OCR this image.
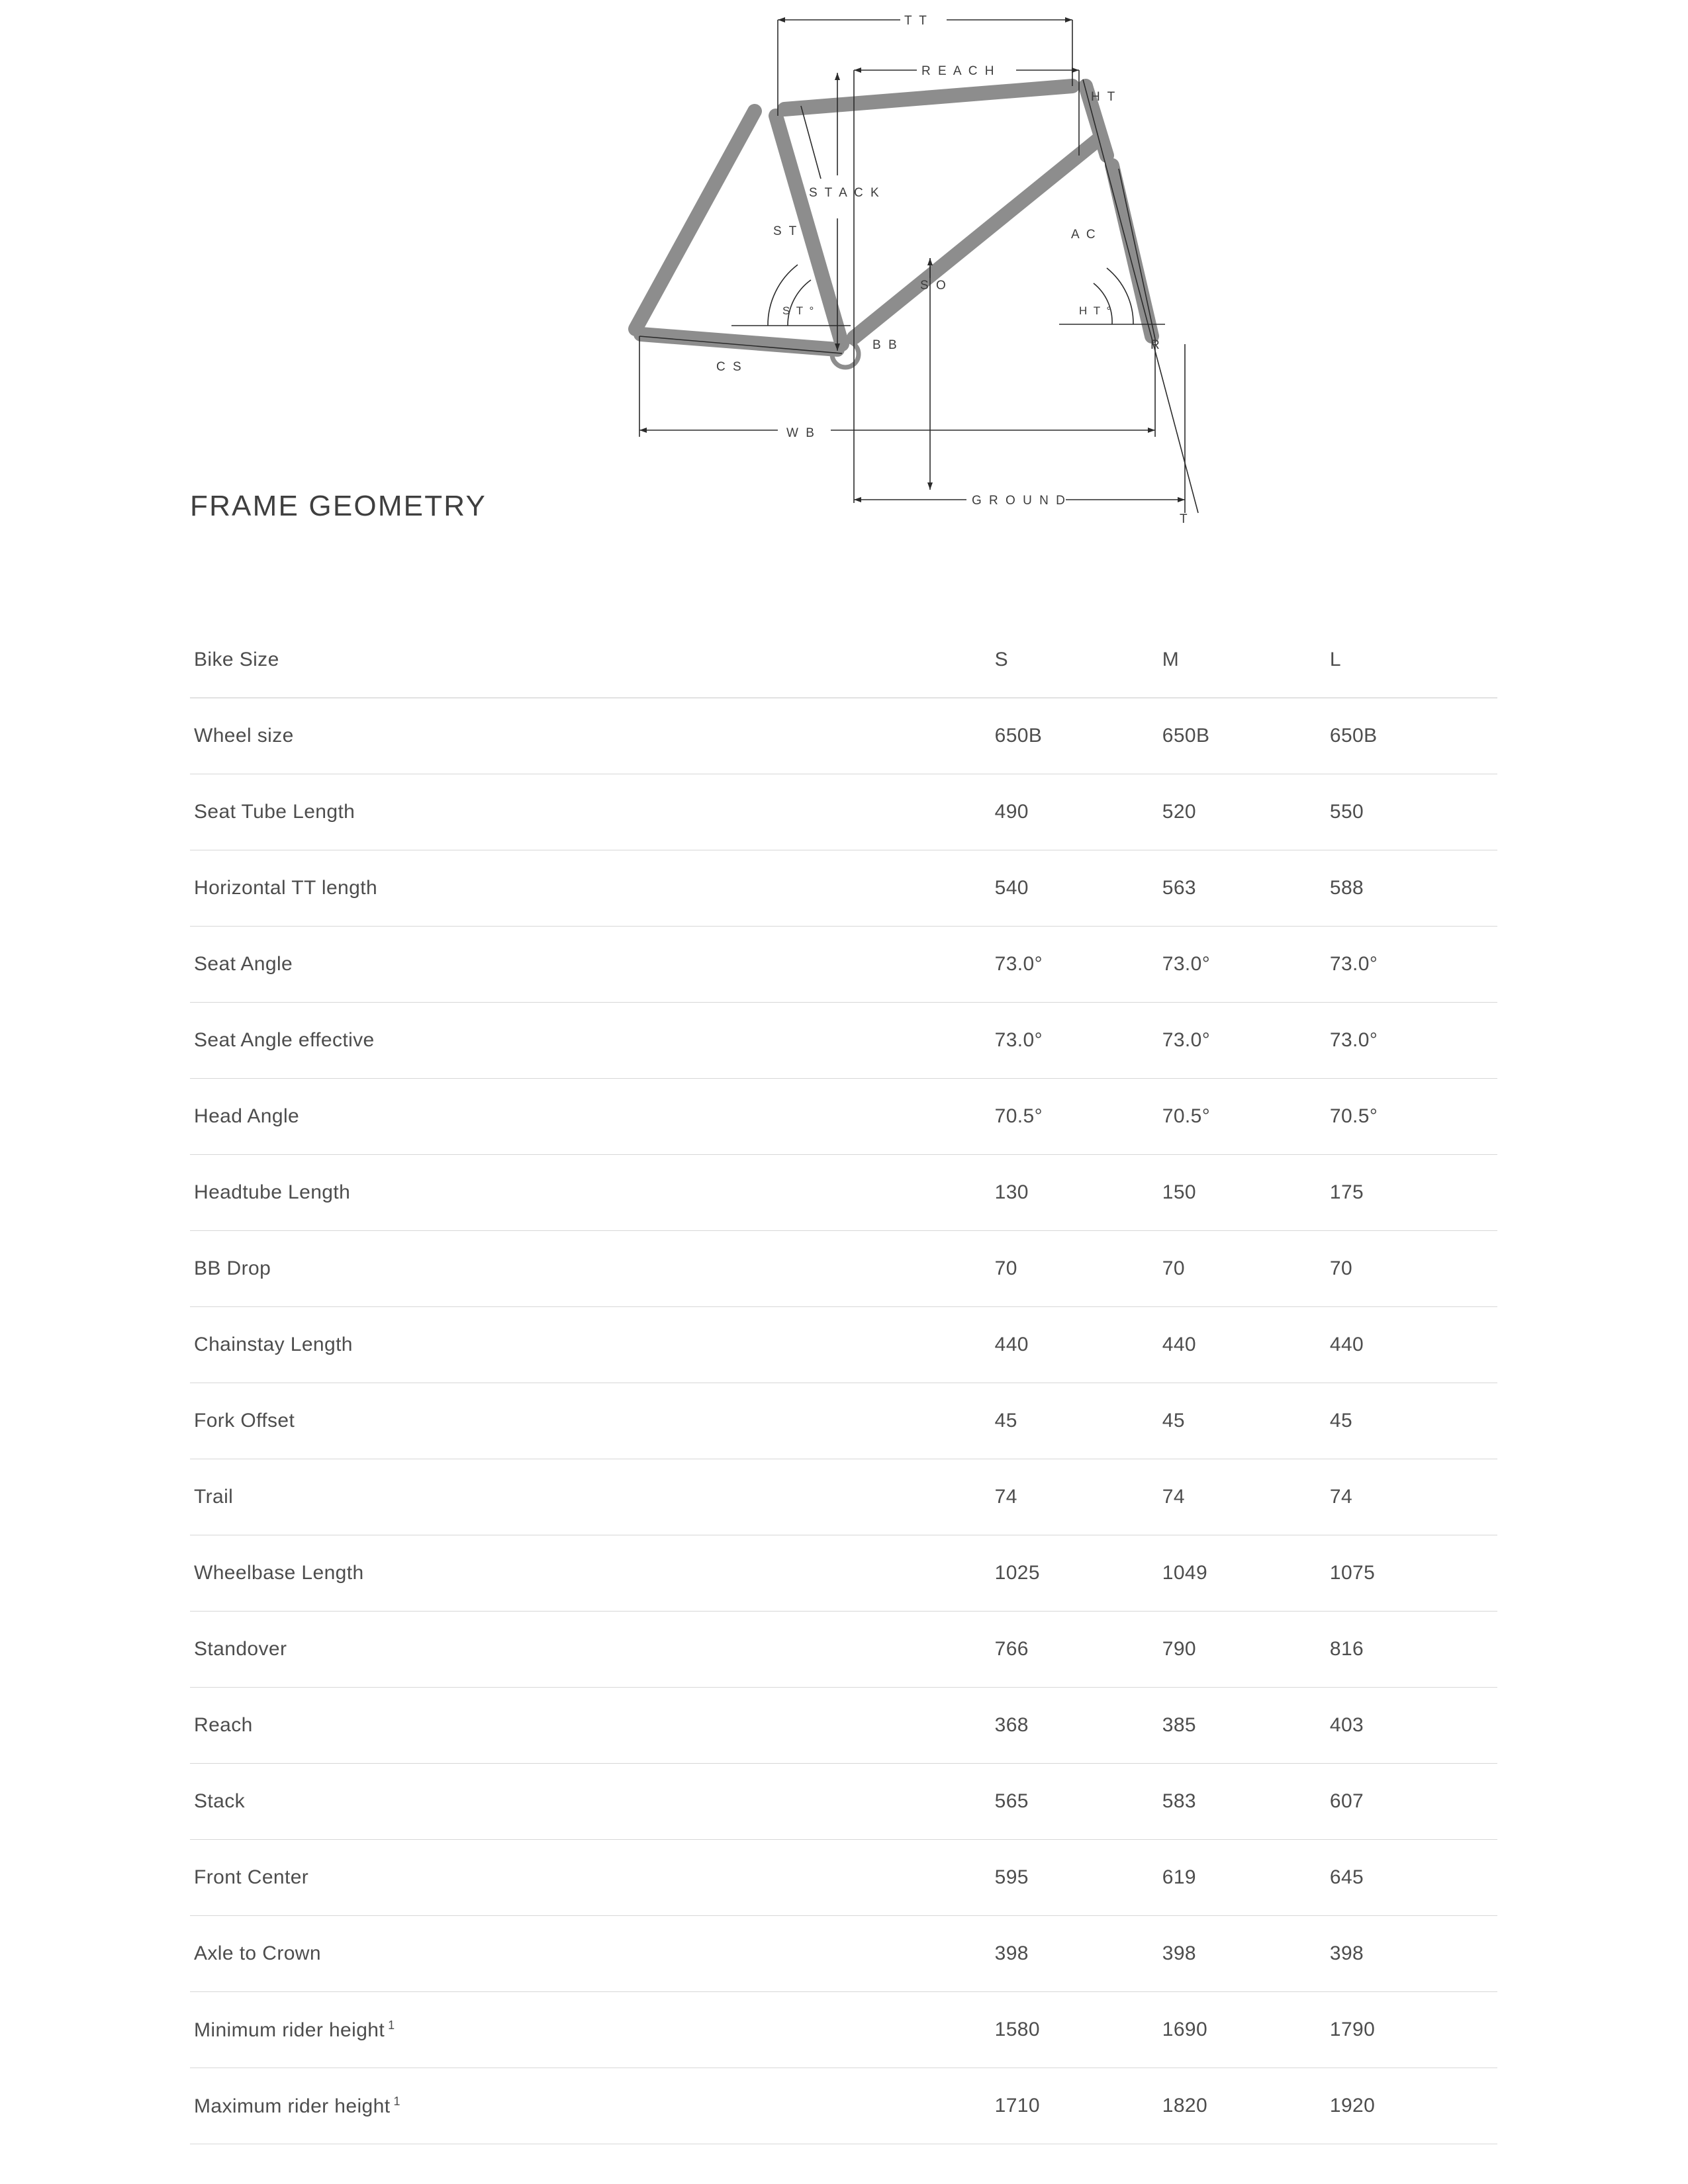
T T
R E A C H
H T
S T A C K
S T
S T °
S O
B B
A C
H T °
R
C S
W B
G R O U N D
T
FRAME GEOMETRY
Bike Size	S	M	L
Wheel size	650B	650B	650B
Seat Tube Length	490	520	550
Horizontal TT length	540	563	588
Seat Angle	73.0°	73.0°	73.0°
Seat Angle effective	73.0°	73.0°	73.0°
Head Angle	70.5°	70.5°	70.5°
Headtube Length	130	150	175
BB Drop	70	70	70
Chainstay Length	440	440	440
Fork Offset	45	45	45
Trail	74	74	74
Wheelbase Length	1025	1049	1075
Standover	766	790	816
Reach	368	385	403
Stack	565	583	607
Front Center	595	619	645
Axle to Crown	398	398	398
Minimum rider height $^1$	1580	1690	1790
Maximum rider height $^1$	1710	1820	1920
